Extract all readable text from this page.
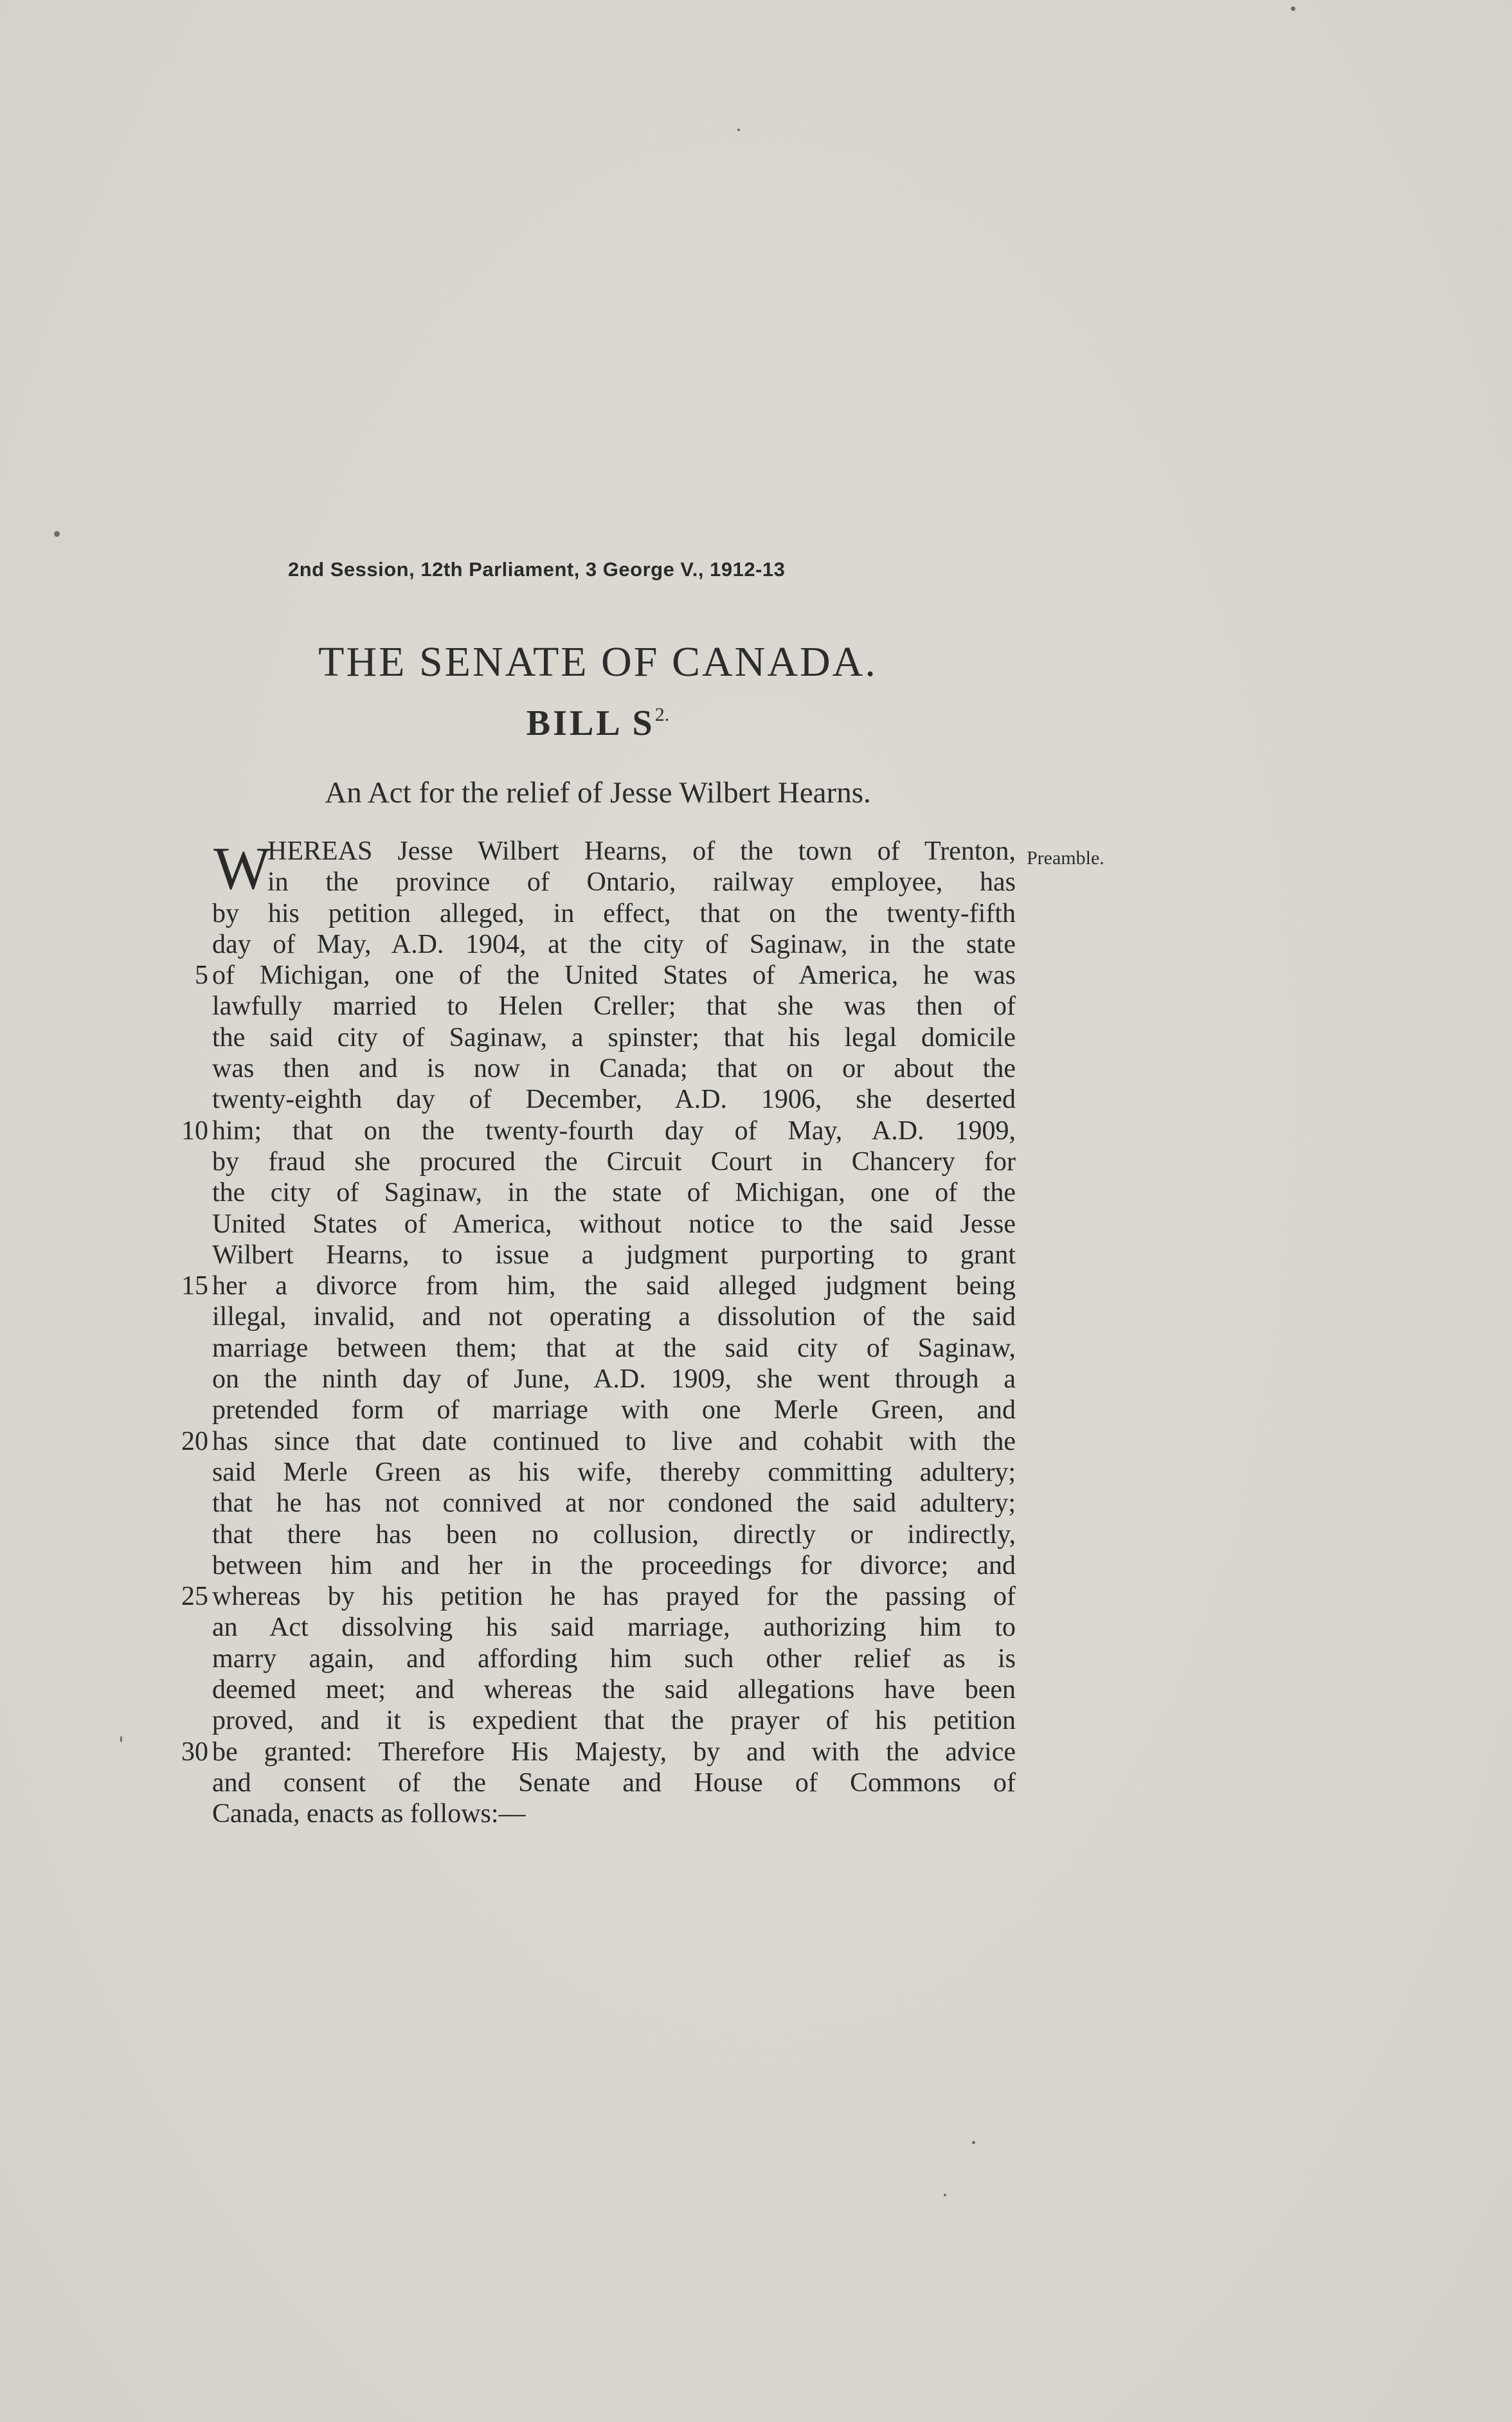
2nd Session, 12th Parliament, 3 George V., 1912-13
THE SENATE OF CANADA.
BILL $S^{2.}$
An Act for the relief of Jesse Wilbert Hearns.
Preamble.
W
HEREAS Jesse Wilbert Hearns, of the town of Trenton,
in the province of Ontario, railway employee, has
by his petition alleged, in effect, that on the twenty-fifth
day of May, A.D. 1904, at the city of Saginaw, in the state
5 of Michigan, one of the United States of America, he was
lawfully married to Helen Creller; that she was then of
the said city of Saginaw, a spinster; that his legal domicile
was then and is now in Canada; that on or about the
twenty-eighth day of December, A.D. 1906, she deserted
10 him; that on the twenty-fourth day of May, A.D. 1909,
by fraud she procured the Circuit Court in Chancery for
the city of Saginaw, in the state of Michigan, one of the
United States of America, without notice to the said Jesse
Wilbert Hearns, to issue a judgment purporting to grant
15 her a divorce from him, the said alleged judgment being
illegal, invalid, and not operating a dissolution of the said
marriage between them; that at the said city of Saginaw,
on the ninth day of June, A.D. 1909, she went through a
pretended form of marriage with one Merle Green, and
20 has since that date continued to live and cohabit with the
said Merle Green as his wife, thereby committing adultery;
that he has not connived at nor condoned the said adultery;
that there has been no collusion, directly or indirectly,
between him and her in the proceedings for divorce; and
25 whereas by his petition he has prayed for the passing of
an Act dissolving his said marriage, authorizing him to
marry again, and affording him such other relief as is
deemed meet; and whereas the said allegations have been
proved, and it is expedient that the prayer of his petition
30 be granted: Therefore His Majesty, by and with the advice
and consent of the Senate and House of Commons of
Canada, enacts as follows:—
